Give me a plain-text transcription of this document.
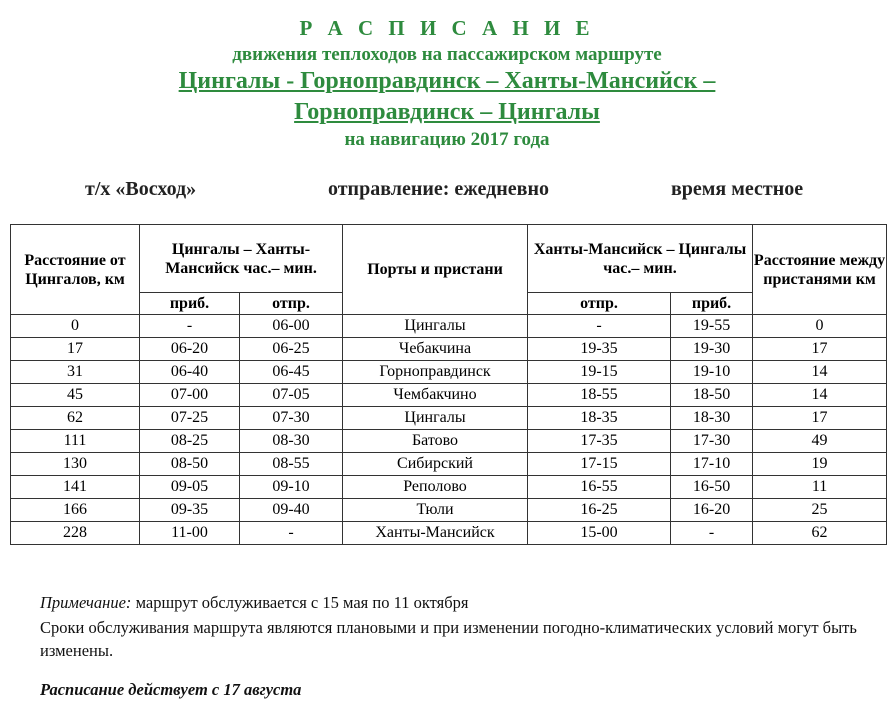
Р А С П И С А Н И Е
движения теплоходов на пассажирском маршруте
Цингалы - Горноправдинск – Ханты-Мансийск –
Горноправдинск – Цингалы
на навигацию 2017 года
т/х «Восход»	отправление: ежедневно	время местное
Расстояние от Цингалов, км	Цингалы – Ханты-Мансийск час.– мин.		Порты и пристани	Ханты-Мансийск – Цингалы час.– мин.		Расстояние между пристанями км
	приб.	отпр.		отпр.	приб.	
0	-	06-00	Цингалы	-	19-55	0
17	06-20	06-25	Чебакчина	19-35	19-30	17
31	06-40	06-45	Горноправдинск	19-15	19-10	14
45	07-00	07-05	Чембакчино	18-55	18-50	14
62	07-25	07-30	Цингалы	18-35	18-30	17
111	08-25	08-30	Батово	17-35	17-30	49
130	08-50	08-55	Сибирский	17-15	17-10	19
141	09-05	09-10	Реполово	16-55	16-50	11
166	09-35	09-40	Тюли	16-25	16-20	25
228	11-00	-	Ханты-Мансийск	15-00	-	62
Примечание: маршрут обслуживается с 15 мая по 11 октября
Сроки обслуживания маршрута являются плановыми и при изменении погодно-климатических условий могут быть изменены.
Расписание действует с 17 августа
